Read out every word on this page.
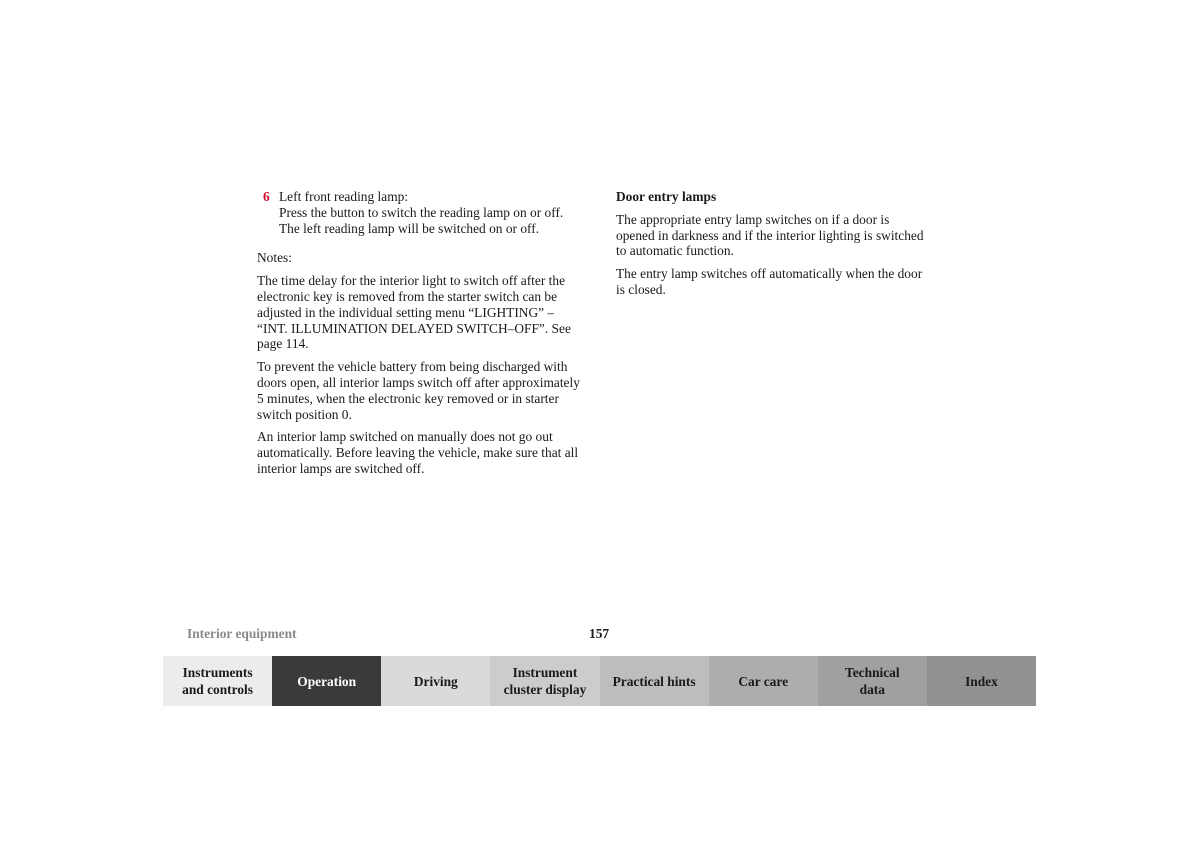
6 Left front reading lamp:
Press the button to switch the reading lamp on or off. The left reading lamp will be switched on or off.

Notes:

The time delay for the interior light to switch off after the electronic key is removed from the starter switch can be adjusted in the individual setting menu “LIGHTING” – “INT. ILLUMINATION DELAYED SWITCH–OFF”. See page 114.

To prevent the vehicle battery from being discharged with doors open, all interior lamps switch off after approximately 5 minutes, when the electronic key removed or in starter switch position 0.

An interior lamp switched on manually does not go out automatically. Before leaving the vehicle, make sure that all interior lamps are switched off.

Door entry lamps

The appropriate entry lamp switches on if a door is opened in darkness and if the interior lighting is switched to automatic function.

The entry lamp switches off automatically when the door is closed.

Interior equipment	157
Instruments
and controls
Operation	Driving
Instrument
cluster display
Practical hints	Car care
Technical
data
Index
